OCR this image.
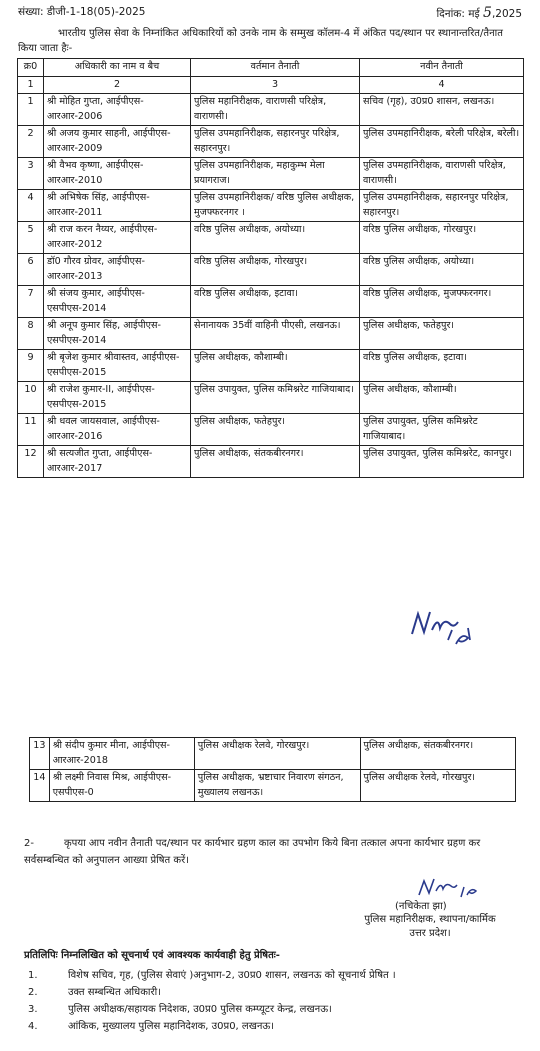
संख्या: डीजी-1-18(05)-2025	दिनांक: मई 5,2025
भारतीय पुलिस सेवा के निम्नांकित अधिकारियों को उनके नाम के सम्मुख कॉलम-4 में अंकित पद/स्थान पर स्थानान्तरित/तैनात किया जाता हैः-
क्र0	अधिकारी का नाम व बैच	वर्तमान तैनाती	नवीन तैनाती
1	2	3	4
1	श्री मोहित गुप्ता, आईपीएस-आरआर-2006	पुलिस महानिरीक्षक, वाराणसी परिक्षेत्र, वाराणसी।	सचिव (गृह), उ0प्र0 शासन, लखनऊ।
2	श्री अजय कुमार साहनी, आईपीएस-आरआर-2009	पुलिस उपमहानिरीक्षक, सहारनपुर परिक्षेत्र, सहारनपुर।	पुलिस उपमहानिरीक्षक, बरेली परिक्षेत्र, बरेली।
3	श्री वैभव कृष्णा, आईपीएस-आरआर-2010	पुलिस उपमहानिरीक्षक, महाकुम्भ मेला प्रयागराज।	पुलिस उपमहानिरीक्षक, वाराणसी परिक्षेत्र, वाराणसी।
4	श्री अभिषेक सिंह, आईपीएस-आरआर-2011	पुलिस उपमहानिरीक्षक/ वरिष्ठ पुलिस अधीक्षक, मुजफ्फरनगर ।	पुलिस उपमहानिरीक्षक, सहारनपुर परिक्षेत्र, सहारनपुर।
5	श्री राज करन नैय्यर, आईपीएस-आरआर-2012	वरिष्ठ पुलिस अधीक्षक, अयोध्या।	वरिष्ठ पुलिस अधीक्षक, गोरखपुर।
6	डॉ0 गौरव ग्रोवर, आईपीएस-आरआर-2013	वरिष्ठ पुलिस अधीक्षक, गोरखपुर।	वरिष्ठ पुलिस अधीक्षक, अयोध्या।
7	श्री संजय कुमार, आईपीएस-एसपीएस-2014	वरिष्ठ पुलिस अधीक्षक, इटावा।	वरिष्ठ पुलिस अधीक्षक, मुजफ्फरनगर।
8	श्री अनूप कुमार सिंह, आईपीएस-एसपीएस-2014	सेनानायक 35वीं वाहिनी पीएसी, लखनऊ।	पुलिस अधीक्षक, फतेहपुर।
9	श्री बृजेश कुमार श्रीवास्तव, आईपीएस-एसपीएस-2015	पुलिस अधीक्षक, कौशाम्बी।	वरिष्ठ पुलिस अधीक्षक, इटावा।
10	श्री राजेश कुमार-II, आईपीएस-एसपीएस-2015	पुलिस उपायुक्त, पुलिस कमिश्नरेट गाजियाबाद।	पुलिस अधीक्षक, कौशाम्बी।
11	श्री धवल जायसवाल, आईपीएस-आरआर-2016	पुलिस अधीक्षक, फतेहपुर।	पुलिस उपायुक्त, पुलिस कमिश्नरेट गाजियाबाद।
12	श्री सत्यजीत गुप्ता, आईपीएस-आरआर-2017	पुलिस अधीक्षक, संतकबीरनगर।	पुलिस उपायुक्त, पुलिस कमिश्नरेट, कानपुर।
13	श्री संदीप कुमार मीना, आईपीएस-आरआर-2018	पुलिस अधीक्षक रेलवे, गोरखपुर।	पुलिस अधीक्षक, संतकबीरनगर।
14	श्री लक्ष्मी निवास मिश्र, आईपीएस-एसपीएस-0	पुलिस अधीक्षक, भ्रष्टाचार निवारण संगठन, मुख्यालय लखनऊ।	पुलिस अधीक्षक रेलवे, गोरखपुर।
2-	कृपया आप नवीन तैनाती पद/स्थान पर कार्यभार ग्रहण काल का उपभोग किये बिना तत्काल अपना कार्यभार ग्रहण कर सर्वसम्बन्धित को अनुपालन आख्या प्रेषित करें।
(नचिकेता झा)
पुलिस महानिरीक्षक, स्थापना/कार्मिक
उत्तर प्रदेश।
प्रतिलिपिः निम्नलिखित को सूचनार्थ एवं आवश्यक कार्यवाही हेतु प्रेषितः-
1.	विशेष सचिव, गृह, (पुलिस सेवाएं )अनुभाग-2, उ0प्र0 शासन, लखनऊ को सूचनार्थ प्रेषित ।
2.	उक्त सम्बन्धित अधिकारी।
3.	पुलिस अधीक्षक/सहायक निदेशक, उ0प्र0 पुलिस कम्प्यूटर केन्द्र, लखनऊ।
4.	आंकिक, मुख्यालय पुलिस महानिदेशक, उ0प्र0, लखनऊ।
